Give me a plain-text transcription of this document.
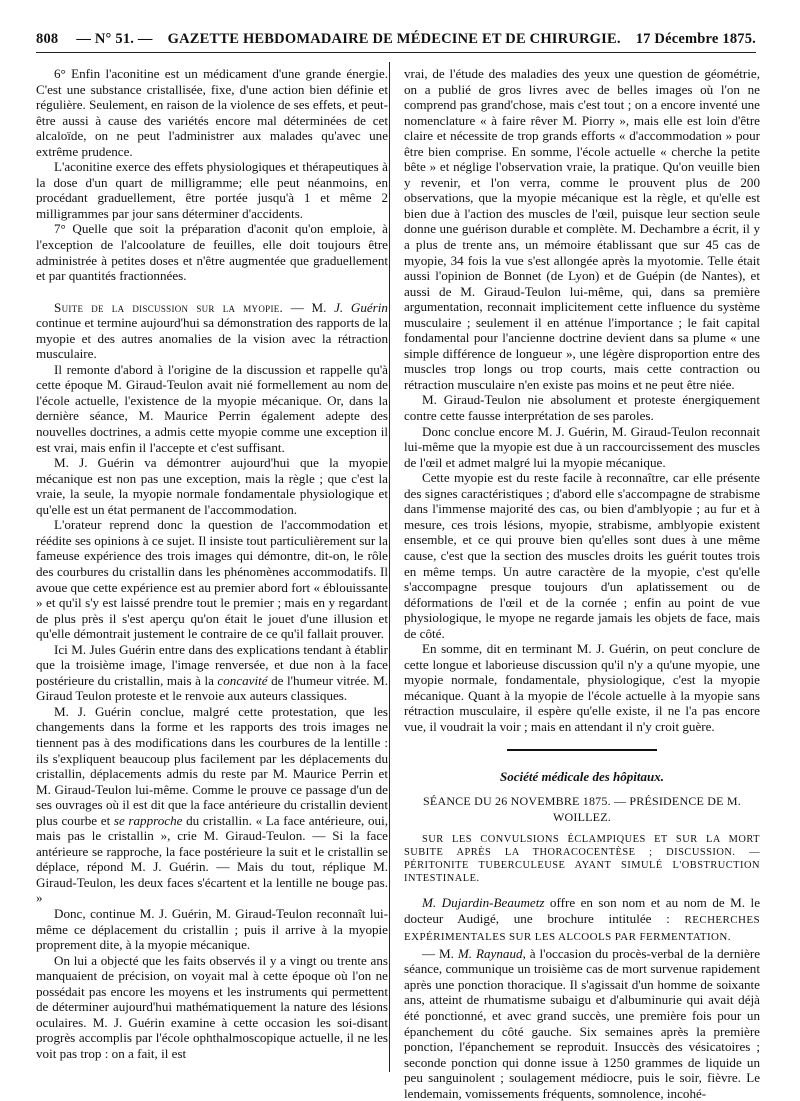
808 — N° 51. —	GAZETTE HEBDOMADAIRE DE MÉDECINE ET DE CHIRURGIE.	17 Décembre 1875.

6° Enfin l'aconitine est un médicament d'une grande énergie. C'est une substance cristallisée, fixe, d'une action bien définie et régulière. Seulement, en raison de la violence de ses effets, et peut-être aussi à cause des variétés encore mal déterminées de cet alcaloïde, on ne peut l'administrer aux malades qu'avec une extrême prudence.

L'aconitine exerce des effets physiologiques et thérapeutiques à la dose d'un quart de milligramme; elle peut néanmoins, en procédant graduellement, être portée jusqu'à 1 et même 2 milligrammes par jour sans déterminer d'accidents.

7° Quelle que soit la préparation d'aconit qu'on emploie, à l'exception de l'alcoolature de feuilles, elle doit toujours être administrée à petites doses et n'être augmentée que graduellement et par quantités fractionnées.

Suite de la discussion sur la myopie. — M. J. Guérin continue et termine aujourd'hui sa démonstration des rapports de la myopie et des autres anomalies de la vision avec la rétraction musculaire.

Il remonte d'abord à l'origine de la discussion et rappelle qu'à cette époque M. Giraud-Teulon avait nié formellement au nom de l'école actuelle, l'existence de la myopie mécanique. Or, dans la dernière séance, M. Maurice Perrin également adepte des nouvelles doctrines, a admis cette myopie comme une exception il est vrai, mais enfin il l'accepte et c'est suffisant.

M. J. Guérin va démontrer aujourd'hui que la myopie mécanique est non pas une exception, mais la règle ; que c'est la vraie, la seule, la myopie normale fondamentale physiologique et qu'elle est un état permanent de l'accommodation.

L'orateur reprend donc la question de l'accommodation et réédite ses opinions à ce sujet. Il insiste tout particulièrement sur la fameuse expérience des trois images qui démontre, dit-on, le rôle des courbures du cristallin dans les phénomènes accommodatifs. Il avoue que cette expérience est au premier abord fort « éblouissante » et qu'il s'y est laissé prendre tout le premier ; mais en y regardant de plus près il s'est aperçu qu'on était le jouet d'une illusion et qu'elle démontrait justement le contraire de ce qu'il fallait prouver.

Ici M. Jules Guérin entre dans des explications tendant à établir que la troisième image, l'image renversée, et due non à la face postérieure du cristallin, mais à la concavité de l'humeur vitrée. M. Giraud Teulon proteste et le renvoie aux auteurs classiques.

M. J. Guérin conclue, malgré cette protestation, que les changements dans la forme et les rapports des trois images ne tiennent pas à des modifications dans les courbures de la lentille : ils s'expliquent beaucoup plus facilement par les déplacements du cristallin, déplacements admis du reste par M. Maurice Perrin et M. Giraud-Teulon lui-même. Comme le prouve ce passage d'un de ses ouvrages où il est dit que la face antérieure du cristallin devient plus courbe et se rapproche du cristallin. « La face antérieure, oui, mais pas le cristallin », crie M. Giraud-Teulon. — Si la face antérieure se rapproche, la face postérieure la suit et le cristallin se déplace, répond M. J. Guérin. — Mais du tout, réplique M. Giraud-Teulon, les deux faces s'écartent et la lentille ne bouge pas. »

Donc, continue M. J. Guérin, M. Giraud-Teulon reconnaît lui-même ce déplacement du cristallin ; puis il arrive à la myopie proprement dite, à la myopie mécanique.

On lui a objecté que les faits observés il y a vingt ou trente ans manquaient de précision, on voyait mal à cette époque où l'on ne possédait pas encore les moyens et les instruments qui permettent de déterminer aujourd'hui mathématiquement la nature des lésions oculaires. M. J. Guérin examine à cette occasion les soi-disant progrès accomplis par l'école ophthalmoscopique actuelle, il ne les voit pas trop : on a fait, il est

vrai, de l'étude des maladies des yeux une question de géométrie, on a publié de gros livres avec de belles images où l'on ne comprend pas grand'chose, mais c'est tout ; on a encore inventé une nomenclature « à faire rêver M. Piorry », mais elle est loin d'être claire et nécessite de trop grands efforts « d'accommodation » pour être bien comprise. En somme, l'école actuelle « cherche la petite bête » et néglige l'observation vraie, la pratique. Qu'on veuille bien y revenir, et l'on verra, comme le prouvent plus de 200 observations, que la myopie mécanique est la règle, et qu'elle est bien due à l'action des muscles de l'œil, puisque leur section seule donne une guérison durable et complète. M. Dechambre a écrit, il y a plus de trente ans, un mémoire établissant que sur 45 cas de myopie, 34 fois la vue s'est allongée après la myotomie. Telle était aussi l'opinion de Bonnet (de Lyon) et de Guépin (de Nantes), et aussi de M. Giraud-Teulon lui-même, qui, dans sa première argumentation, reconnait implicitement cette influence du système musculaire ; seulement il en atténue l'importance ; le fait capital fondamental pour l'ancienne doctrine devient dans sa plume « une simple différence de longueur », une légère disproportion entre des muscles trop longs ou trop courts, mais cette contraction ou rétraction musculaire n'en existe pas moins et ne peut être niée.

M. Giraud-Teulon nie absolument et proteste énergiquement contre cette fausse interprétation de ses paroles.

Donc conclue encore M. J. Guérin, M. Giraud-Teulon reconnait lui-même que la myopie est due à un raccourcissement des muscles de l'œil et admet malgré lui la myopie mécanique.

Cette myopie est du reste facile à reconnaître, car elle présente des signes caractéristiques ; d'abord elle s'accompagne de strabisme dans l'immense majorité des cas, ou bien d'amblyopie ; au fur et à mesure, ces trois lésions, myopie, strabisme, amblyopie existent ensemble, et ce qui prouve bien qu'elles sont dues à une même cause, c'est que la section des muscles droits les guérit toutes trois en même temps. Un autre caractère de la myopie, c'est qu'elle s'accompagne presque toujours d'un aplatissement ou de déformations de l'œil et de la cornée ; enfin au point de vue physiologique, le myope ne regarde jamais les objets de face, mais de côté.

En somme, dit en terminant M. J. Guérin, on peut conclure de cette longue et laborieuse discussion qu'il n'y a qu'une myopie, une myopie normale, fondamentale, physiologique, c'est la myopie mécanique. Quant à la myopie de l'école actuelle à la myopie sans rétraction musculaire, il espère qu'elle existe, il ne l'a pas encore vue, il voudrait la voir ; mais en attendant il n'y croit guère.

Société médicale des hôpitaux.
SÉANCE DU 26 NOVEMBRE 1875. — PRÉSIDENCE DE M. WOILLEZ.
SUR LES CONVULSIONS ÉCLAMPIQUES ET SUR LA MORT SUBITE APRÈS LA THORACOCENTÈSE ; DISCUSSION. — PÉRITONITE TUBERCULEUSE AYANT SIMULÉ L'OBSTRUCTION INTESTINALE.

M. Dujardin-Beaumetz offre en son nom et au nom de M. le docteur Audigé, une brochure intitulée : RECHERCHES EXPÉRIMENTALES SUR LES ALCOOLS PAR FERMENTATION.

— M. M. Raynaud, à l'occasion du procès-verbal de la dernière séance, communique un troisième cas de mort survenue rapidement après une ponction thoracique. Il s'agissait d'un homme de soixante ans, atteint de rhumatisme subaigu et d'albuminurie qui avait déjà été ponctionné, et avec grand succès, une première fois pour un épanchement du côté gauche. Six semaines après la première ponction, l'épanchement se reproduit. Insuccès des vésicatoires ; seconde ponction qui donne issue à 1250 grammes de liquide un peu sanguinolent ; soulagement médiocre, puis le soir, fièvre. Le lendemain, vomissements fréquents, somnolence, incohé-
